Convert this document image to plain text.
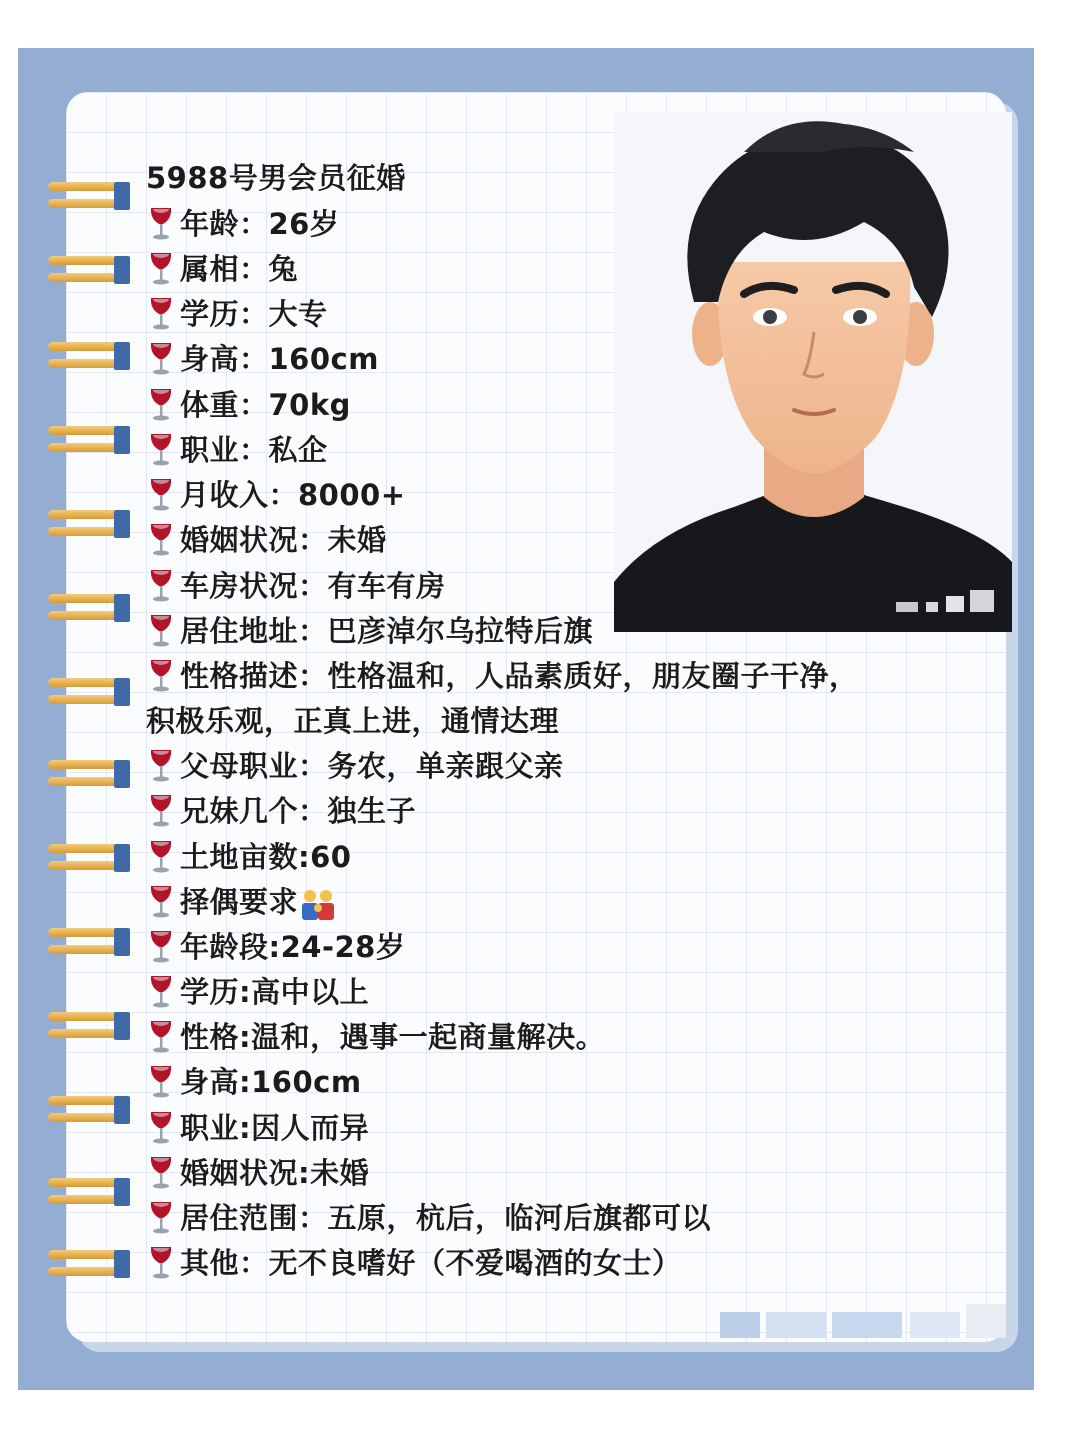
5988号男会员征婚
年龄：26岁
属相：兔
学历：大专
身高：160cm
体重：70kg
职业：私企
月收入：8000+
婚姻状况：未婚
车房状况：有车有房
居住地址：巴彦淖尔乌拉特后旗
性格描述：性格温和，人品素质好，朋友圈子干净，
积极乐观，正真上进，通情达理
父母职业：务农，单亲跟父亲
兄妹几个：独生子
土地亩数:60
择偶要求
年龄段:24-28岁
学历:高中以上
性格:温和，遇事一起商量解决。
身高:160cm
职业:因人而异
婚姻状况:未婚
居住范围：五原，杭后，临河后旗都可以
其他：无不良嗜好（不爱喝酒的女士）
